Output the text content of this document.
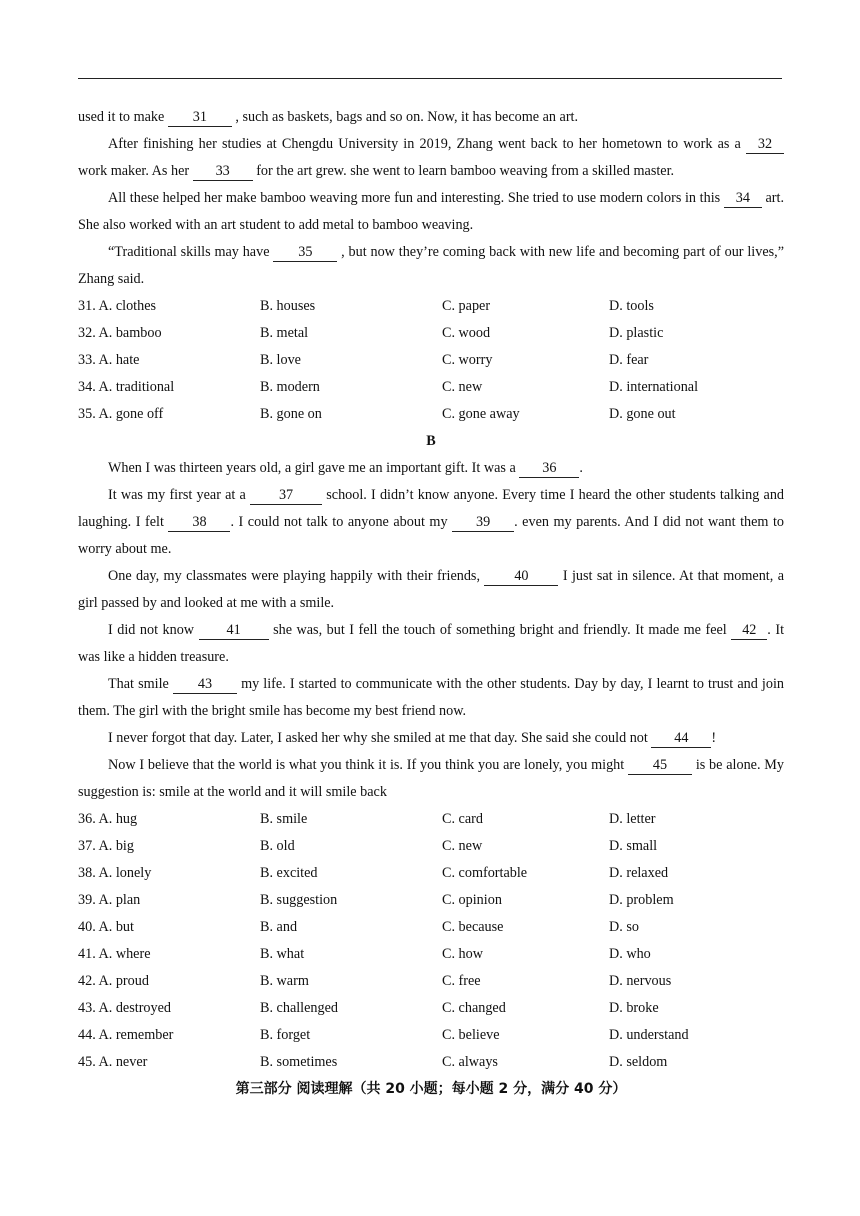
used it to make 31 , such as baskets, bags and so on. Now, it has become an art.

After finishing her studies at Chengdu University in 2019, Zhang went back to her hometown to work as a 32 work maker. As her 33 for the art grew. she went to learn bamboo weaving from a skilled master.

All these helped her make bamboo weaving more fun and interesting. She tried to use modern colors in this 34 art. She also worked with an art student to add metal to bamboo weaving.

“Traditional skills may have 35 , but now they’re coming back with new life and becoming part of our lives,” Zhang said.

31. A. clothes	B. houses	C. paper	D. tools
32. A. bamboo	B. metal	C. wood	D. plastic
33. A. hate	B. love	C. worry	D. fear
34. A. traditional	B. modern	C. new	D. international
35. A. gone off	B. gone on	C. gone away	D. gone out

B

When I was thirteen years old, a girl gave me an important gift. It was a 36 .

It was my first year at a 37 school. I didn’t know anyone. Every time I heard the other students talking and laughing. I felt 38 . I could not talk to anyone about my 39 . even my parents. And I did not want them to worry about me.

One day, my classmates were playing happily with their friends, 40 I just sat in silence. At that moment, a girl passed by and looked at me with a smile.

I did not know 41 she was, but I fell the touch of something bright and friendly. It made me feel 42 . It was like a hidden treasure.

That smile 43 my life. I started to communicate with the other students. Day by day, I learnt to trust and join them. The girl with the bright smile has become my best friend now.

I never forgot that day. Later, I asked her why she smiled at me that day. She said she could not 44 !

Now I believe that the world is what you think it is. If you think you are lonely, you might 45 is be alone. My suggestion is: smile at the world and it will smile back

36. A. hug	B. smile	C. card	D. letter
37. A. big	B. old	C. new	D. small
38. A. lonely	B. excited	C. comfortable	D. relaxed
39. A. plan	B. suggestion	C. opinion	D. problem
40. A. but	B. and	C. because	D. so
41. A. where	B. what	C. how	D. who
42. A. proud	B. warm	C. free	D. nervous
43. A. destroyed	B. challenged	C. changed	D. broke
44. A. remember	B. forget	C. believe	D. understand
45. A. never	B. sometimes	C. always	D. seldom

第三部分 阅读理解（共 20 小题；每小题 2 分，满分 40 分）
